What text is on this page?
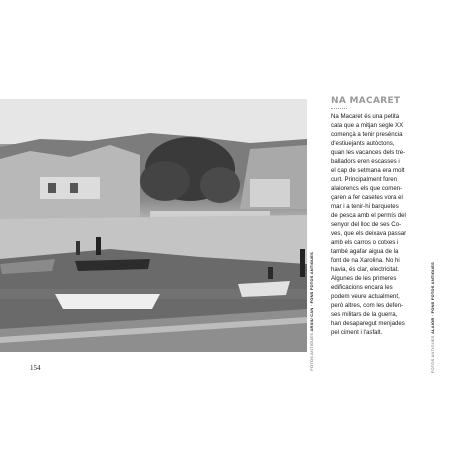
FOTOS ANTIGUES ARXIU CAN · FONS FOTOS ANTIGUES
NA MACARET

Na Macaret és una petita
cala que a mitjan segle XX
començà a tenir presència
d'estiuejants autòctons,
quan les vacances dels tre-
balladors eren escasses i
el cap de setmana era molt
curt. Principalment foren
alaiorencs els que comen-
çaren a fer casetes vora el
mar i a tenir-hi barquetes
de pesca amb el permís del
senyor del lloc de ses Co-
ves, que els deixava passar
amb els carros o cotxes i
també agafar aigua de la
font de na Xarolina. No hi
havia, és clar, electricitat.
Algunes de les primeres
edificacions encara les
podem veure actualment,
però altres, com les defen-
ses militars de la guerra,
han desaparegut menjades
pel ciment i l'asfalt.

FOTOS ANTIGUES ALAIOR · FONS FOTOS ANTIGUES
154
